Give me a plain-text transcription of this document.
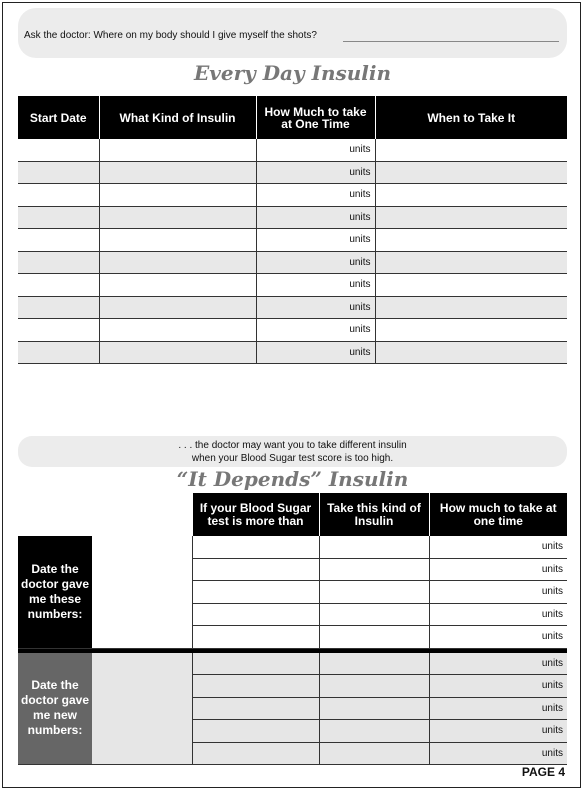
Ask the doctor: Where on my body should I give myself the shots?
Every Day Insulin
Start Date	What Kind of Insulin	How Much to take at One Time	When to Take It
		units	
		units	
		units	
		units	
		units	
		units	
		units	
		units	
		units	
		units	
. . . the doctor may want you to take different insulin
when your Blood Sugar test score is too high.
“It Depends” Insulin
		If your Blood Sugar test is more than	Take this kind of Insulin	How much to take at one time
Date the doctor gave me these numbers:				units
				units
				units
				units
				units

Date the doctor gave me new numbers:				units
				units
				units
				units
				units
PAGE 4
